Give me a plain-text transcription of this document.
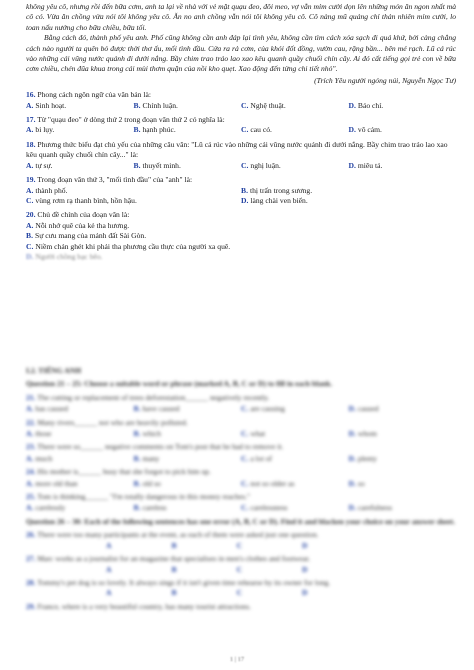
không yêu cô, nhưng rồi đến bữa cơm, anh ta lại về nhà với vẻ mặt quạu đeo, đôi meo, vợ vẫn mỉm cười dọn lên những món ăn ngon nhất mà cô có. Vừa ăn chồng vừa nói tôi không yêu cô. Ăn no anh chồng vẫn nói tôi không yêu cô. Cô nàng mũ quảng chỉ thản nhiên mỉm cười, lo toan nấu nướng cho bữa chiều, bữa tối.

Bằng cách đó, thành phố yêu anh. Phố cũng không cần anh đáp lại tình yêu, không cần tìm cách xóa sạch đi quá khứ, bởi càng chẳng cách nào người ta quên bỏ được thời thơ ấu, mối tình đầu. Cứa ra rả cơm, của khói đốt đồng, vườn cau, rặng bần... bên mé rạch. Lũ cá rúc vào những cái vũng nước quánh đi dưới nắng. Bầy chim trao tráo lao xao kêu quanh quầy chuối chín cây. Ai đó cất tiếng gọi trẻ con về bữa cơm chiều, chén đũa khua trong cái mùi thơm quặn của nồi kho quẹt. Xao động đến từng chi tiết nhỏ".

(Trích Yêu người ngóng núi, Nguyễn Ngọc Tư)
16. Phong cách ngôn ngữ của văn bản là:
A. Sinh hoạt.	B. Chính luận.	C. Nghệ thuật.	D. Báo chí.
17. Từ "quạu đeo" ở dòng thứ 2 trong đoạn văn thứ 2 có nghĩa là:
A. bi lụy.	B. hạnh phúc.	C. cau có.	D. vô cảm.
18. Phương thức biểu đạt chủ yếu của những câu văn: "Lũ cá rúc vào những cái vũng nước quánh đi dưới nắng. Bầy chim trao tráo lao xao kêu quanh quầy chuối chín cây..." là:
A. tự sự.	B. thuyết minh.	C. nghị luận.	D. miêu tả.
19. Trong đoạn văn thứ 3, "mối tình đầu" của "anh" là:
A. thành phố.	B. thị trấn trong sương.
C. vùng rơm rạ thanh bình, hồn hậu.	D. làng chài ven biển.
20. Chủ đề chính của đoạn văn là:
A. Nỗi nhớ quê của kẻ tha hương.
B. Sự cưu mang của mảnh đất Sài Gòn.
C. Niềm chán ghét khi phải tha phương cầu thực của người xa quê.
D. Người chồng bạc bẽo.
I.2. TIẾNG ANH
Question 21 – 25: Choose a suitable word or phrase (marked A, B, C or D) to fill in each blank.
21. The cutting or replacement of trees deforestation______ negatively recently.
A. has caused	B. have caused	C. are causing	D. caused
22. Many rivers______ not who are heavily polluted.
A. those	B. which	C. what	D. whom
23. There were so______ negative comments on Tom's post that he had to remove it.
A. much	B. many	C. a lot of	D. plenty
24. His mother is______ busy that she forgot to pick him up.
A. more old than	B. old so	C. not so older as	D. so
25. Tom is thinking______ "I'm totally dangerous in this money reaches."
A. carelessly	B. careless	C. carelessness	D. carefulness
Question 26 – 30: Each of the following sentences has one error (A, B, C or D). Find it and blacken your choice on your answer sheet.
26. There were too many participants at the event, as each of them were asked just one question.
A	B	C	D
27. Marc works as a journalist for an magazine that specialises in men's clothes and footwear.
A	B	C	D
28. Tommy's pet dog is so lovely. It always sings if it isn't given time rehearse by its owner for long.
A	B	C	D
29. France, where is a very beautiful country, has many tourist attractions.
1 | 17
